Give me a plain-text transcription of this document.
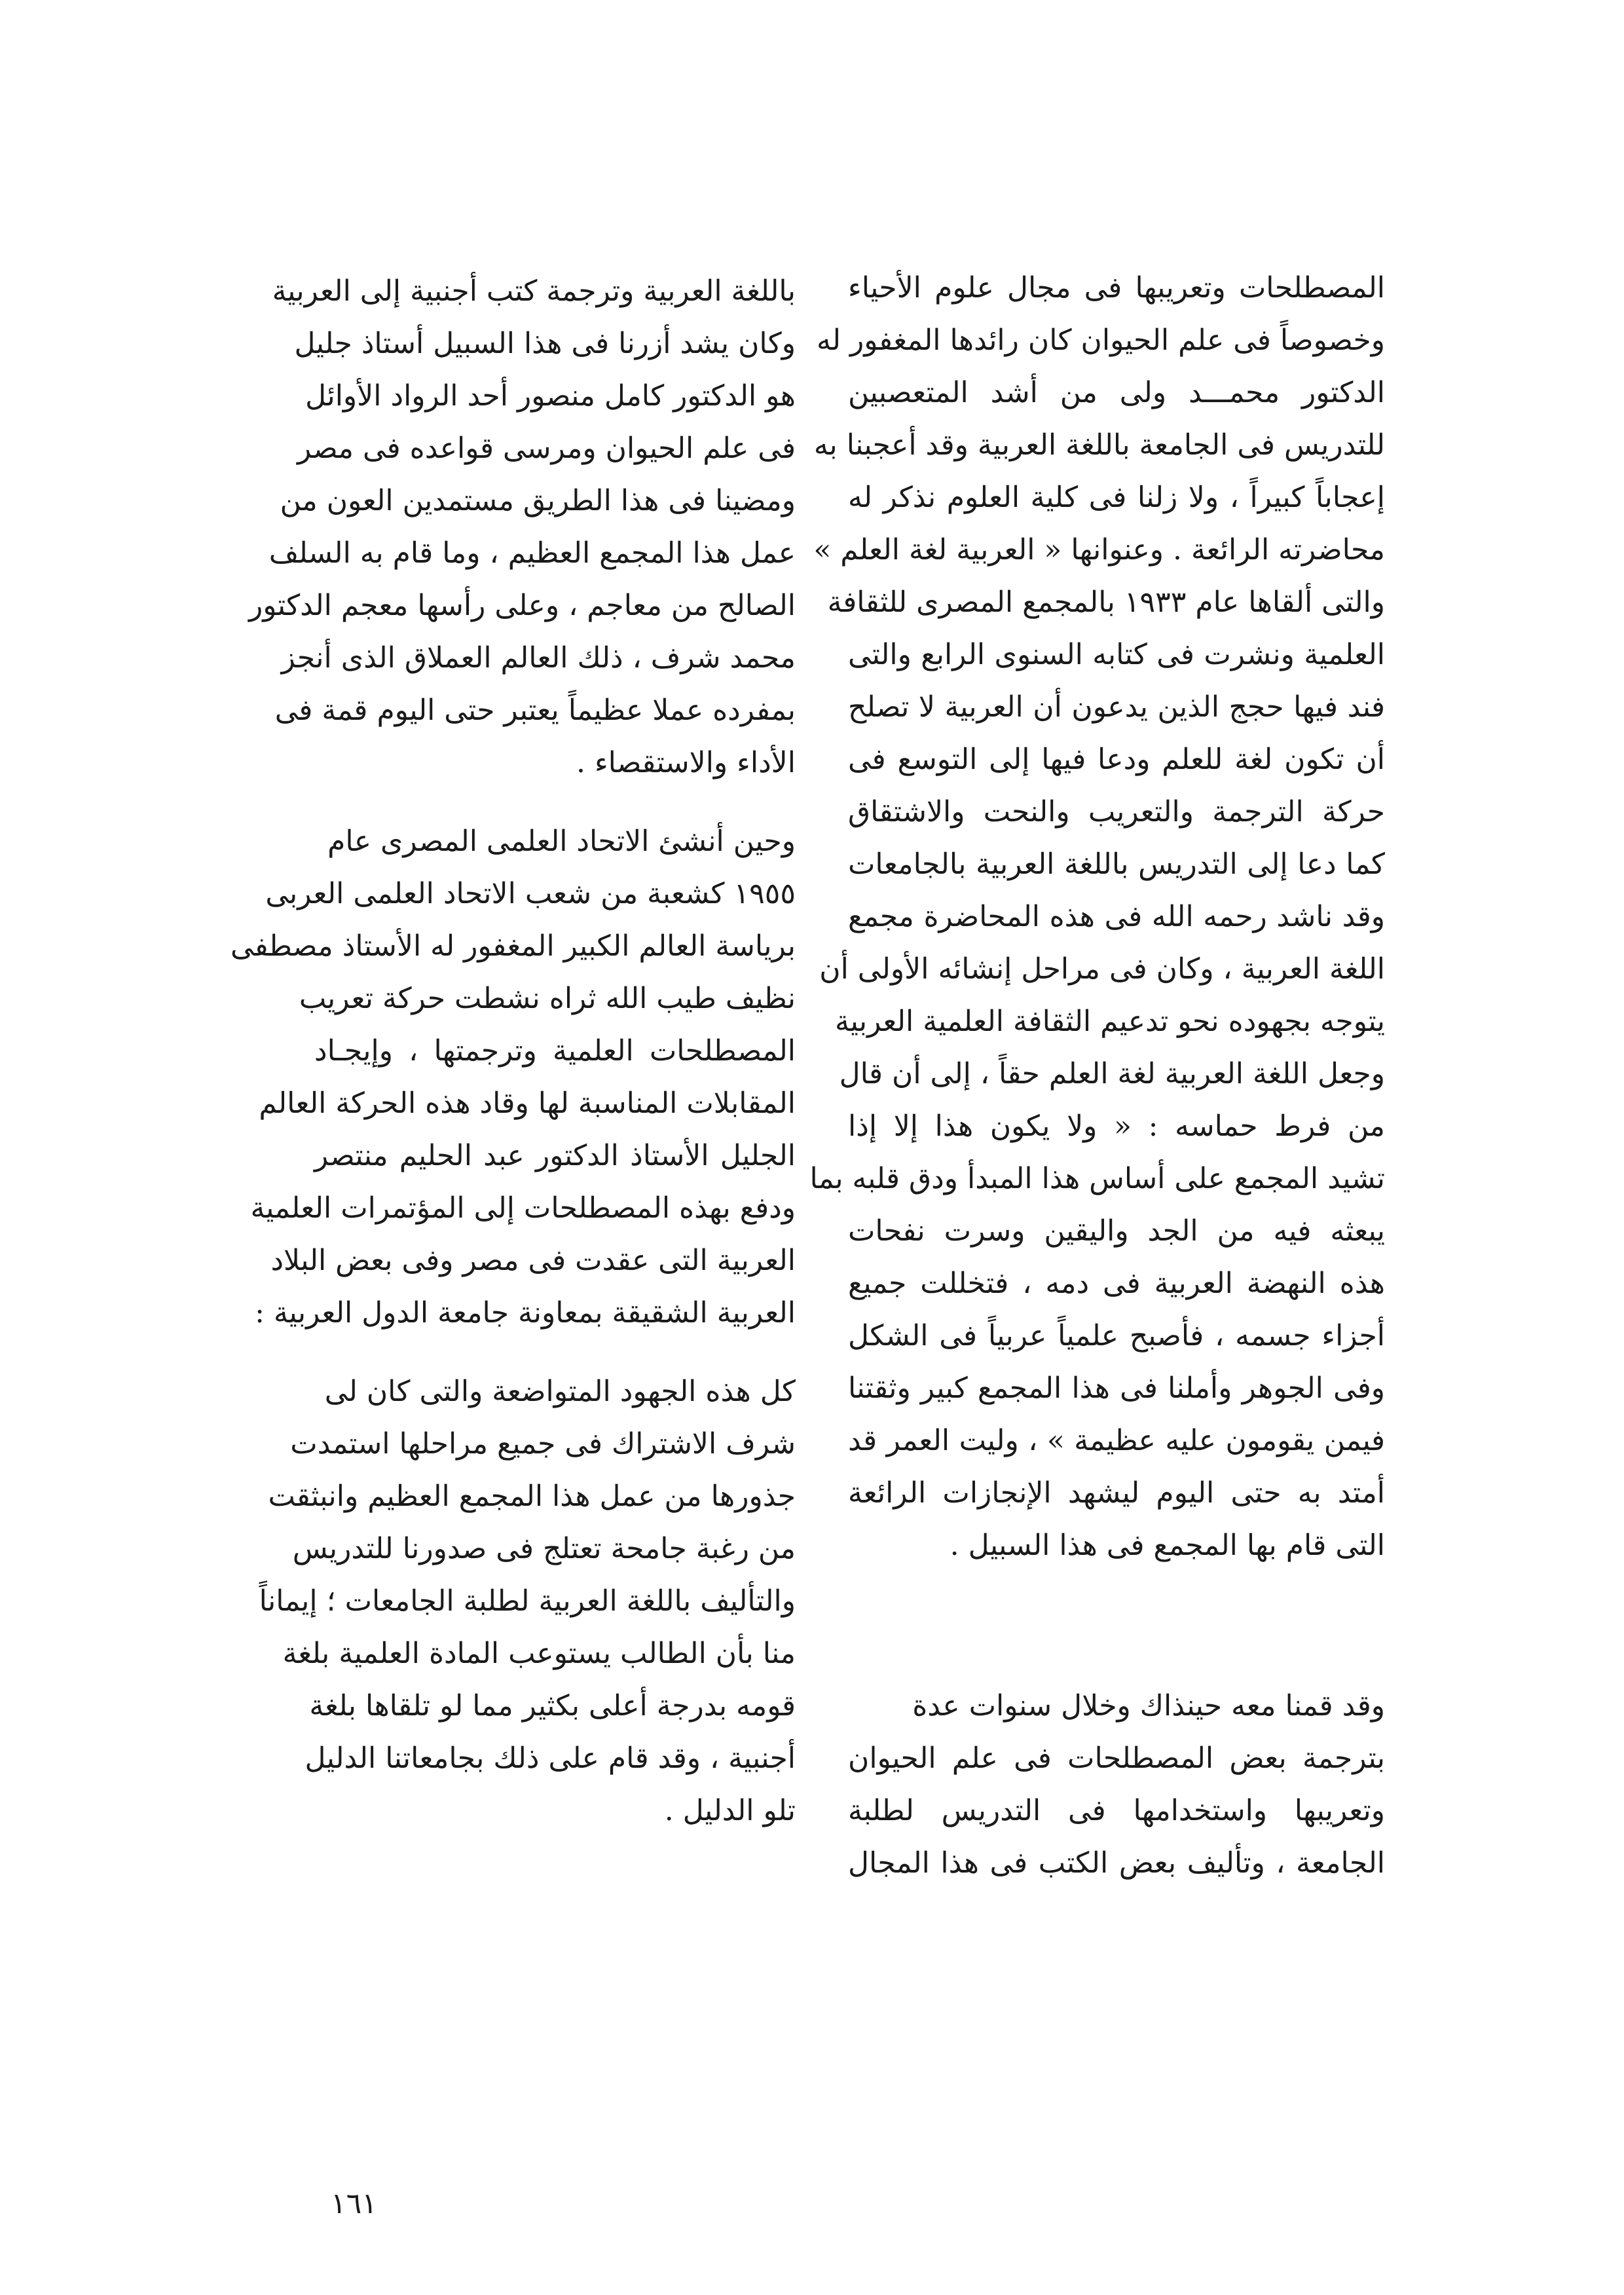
المصطلحات وتعريبها فى مجال علوم الأحياء
وخصوصاً فى علم الحيوان كان رائدها المغفور له
الدكتور محمـــد ولى من أشد المتعصبين
للتدريس فى الجامعة باللغة العربية وقد أعجبنا به
إعجاباً كبيراً ، ولا زلنا فى كلية العلوم نذكر له
محاضرته الرائعة . وعنوانها « العربية لغة العلم »
والتى ألقاها عام ١٩٣٣ بالمجمع المصرى للثقافة
العلمية ونشرت فى كتابه السنوى الرابع والتى
فند فيها حجج الذين يدعون أن العربية لا تصلح
أن تكون لغة للعلم ودعا فيها إلى التوسع فى
حركة الترجمة والتعريب والنحت والاشتقاق
كما دعا إلى التدريس باللغة العربية بالجامعات
وقد ناشد رحمه الله فى هذه المحاضرة مجمع
اللغة العربية ، وكان فى مراحل إنشائه الأولى أن
يتوجه بجهوده نحو تدعيم الثقافة العلمية العربية
وجعل اللغة العربية لغة العلم حقاً ، إلى أن قال
من فرط حماسه : « ولا يكون هذا إلا إذا
تشيد المجمع على أساس هذا المبدأ ودق قلبه بما
يبعثه فيه من الجد واليقين وسرت نفحات
هذه النهضة العربية فى دمه ، فتخللت جميع
أجزاء جسمه ، فأصبح علمياً عربياً فى الشكل
وفى الجوهر وأملنا فى هذا المجمع كبير وثقتنا
فيمن يقومون عليه عظيمة » ، وليت العمر قد
أمتد به حتى اليوم ليشهد الإنجازات الرائعة
التى قام بها المجمع فى هذا السبيل .
وقد قمنا معه حينذاك وخلال سنوات عدة
بترجمة بعض المصطلحات فى علم الحيوان
وتعريبها واستخدامها فى التدريس لطلبة
الجامعة ، وتأليف بعض الكتب فى هذا المجال
باللغة العربية وترجمة كتب أجنبية إلى العربية
وكان يشد أزرنا فى هذا السبيل أستاذ جليل
هو الدكتور كامل منصور أحد الرواد الأوائل
فى علم الحيوان ومرسى قواعده فى مصر
ومضينا فى هذا الطريق مستمدين العون من
عمل هذا المجمع العظيم ، وما قام به السلف
الصالح من معاجم ، وعلى رأسها معجم الدكتور
محمد شرف ، ذلك العالم العملاق الذى أنجز
بمفرده عملا عظيماً يعتبر حتى اليوم قمة فى
الأداء والاستقصاء .
وحين أنشئ الاتحاد العلمى المصرى عام
١٩٥٥ كشعبة من شعب الاتحاد العلمى العربى
برياسة العالم الكبير المغفور له الأستاذ مصطفى
نظيف طيب الله ثراه نشطت حركة تعريب
المصطلحات العلمية وترجمتها ، وإيجـاد
المقابلات المناسبة لها وقاد هذه الحركة العالم
الجليل الأستاذ الدكتور عبد الحليم منتصر
ودفع بهذه المصطلحات إلى المؤتمرات العلمية
العربية التى عقدت فى مصر وفى بعض البلاد
العربية الشقيقة بمعاونة جامعة الدول العربية :
كل هذه الجهود المتواضعة والتى كان لى
شرف الاشتراك فى جميع مراحلها استمدت
جذورها من عمل هذا المجمع العظيم وانبثقت
من رغبة جامحة تعتلج فى صدورنا للتدريس
والتأليف باللغة العربية لطلبة الجامعات ؛ إيماناً
منا بأن الطالب يستوعب المادة العلمية بلغة
قومه بدرجة أعلى بكثير مما لو تلقاها بلغة
أجنبية ، وقد قام على ذلك بجامعاتنا الدليل
تلو الدليل .
١٦١
